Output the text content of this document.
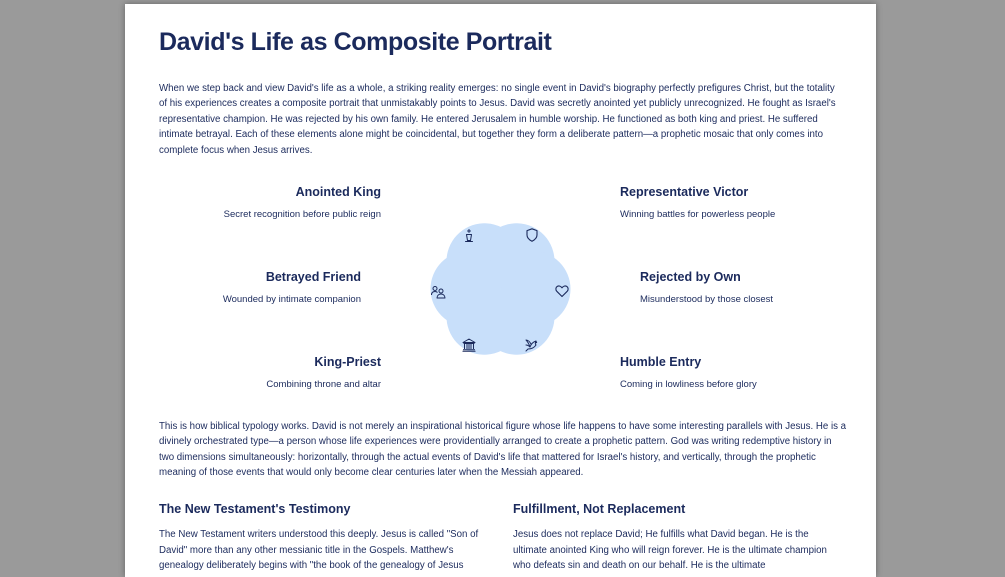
David's Life as Composite Portrait

When we step back and view David's life as a whole, a striking reality emerges: no single event in David's biography perfectly prefigures Christ, but the totality of his experiences creates a composite portrait that unmistakably points to Jesus. David was secretly anointed yet publicly unrecognized. He fought as Israel's representative champion. He was rejected by his own family. He entered Jerusalem in humble worship. He functioned as both king and priest. He suffered intimate betrayal. Each of these elements alone might be coincidental, but together they form a deliberate pattern—a prophetic mosaic that only comes into complete focus when Jesus arrives.

Anointed King

Secret recognition before public reign

Betrayed Friend

Wounded by intimate companion

King-Priest

Combining throne and altar

Representative Victor

Winning battles for powerless people

Rejected by Own

Misunderstood by those closest

Humble Entry

Coming in lowliness before glory

This is how biblical typology works. David is not merely an inspirational historical figure whose life happens to have some interesting parallels with Jesus. He is a divinely orchestrated type—a person whose life experiences were providentially arranged to create a prophetic pattern. God was writing redemptive history in two dimensions simultaneously: horizontally, through the actual events of David's life that mattered for Israel's history, and vertically, through the prophetic meaning of those events that would only become clear centuries later when the Messiah appeared.

The New Testament's Testimony

The New Testament writers understood this deeply. Jesus is called "Son of David" more than any other messianic title in the Gospels. Matthew's genealogy deliberately begins with "the book of the genealogy of Jesus

Fulfillment, Not Replacement

Jesus does not replace David; He fulfills what David began. He is the ultimate anointed King who will reign forever. He is the ultimate champion who defeats sin and death on our behalf. He is the ultimate
